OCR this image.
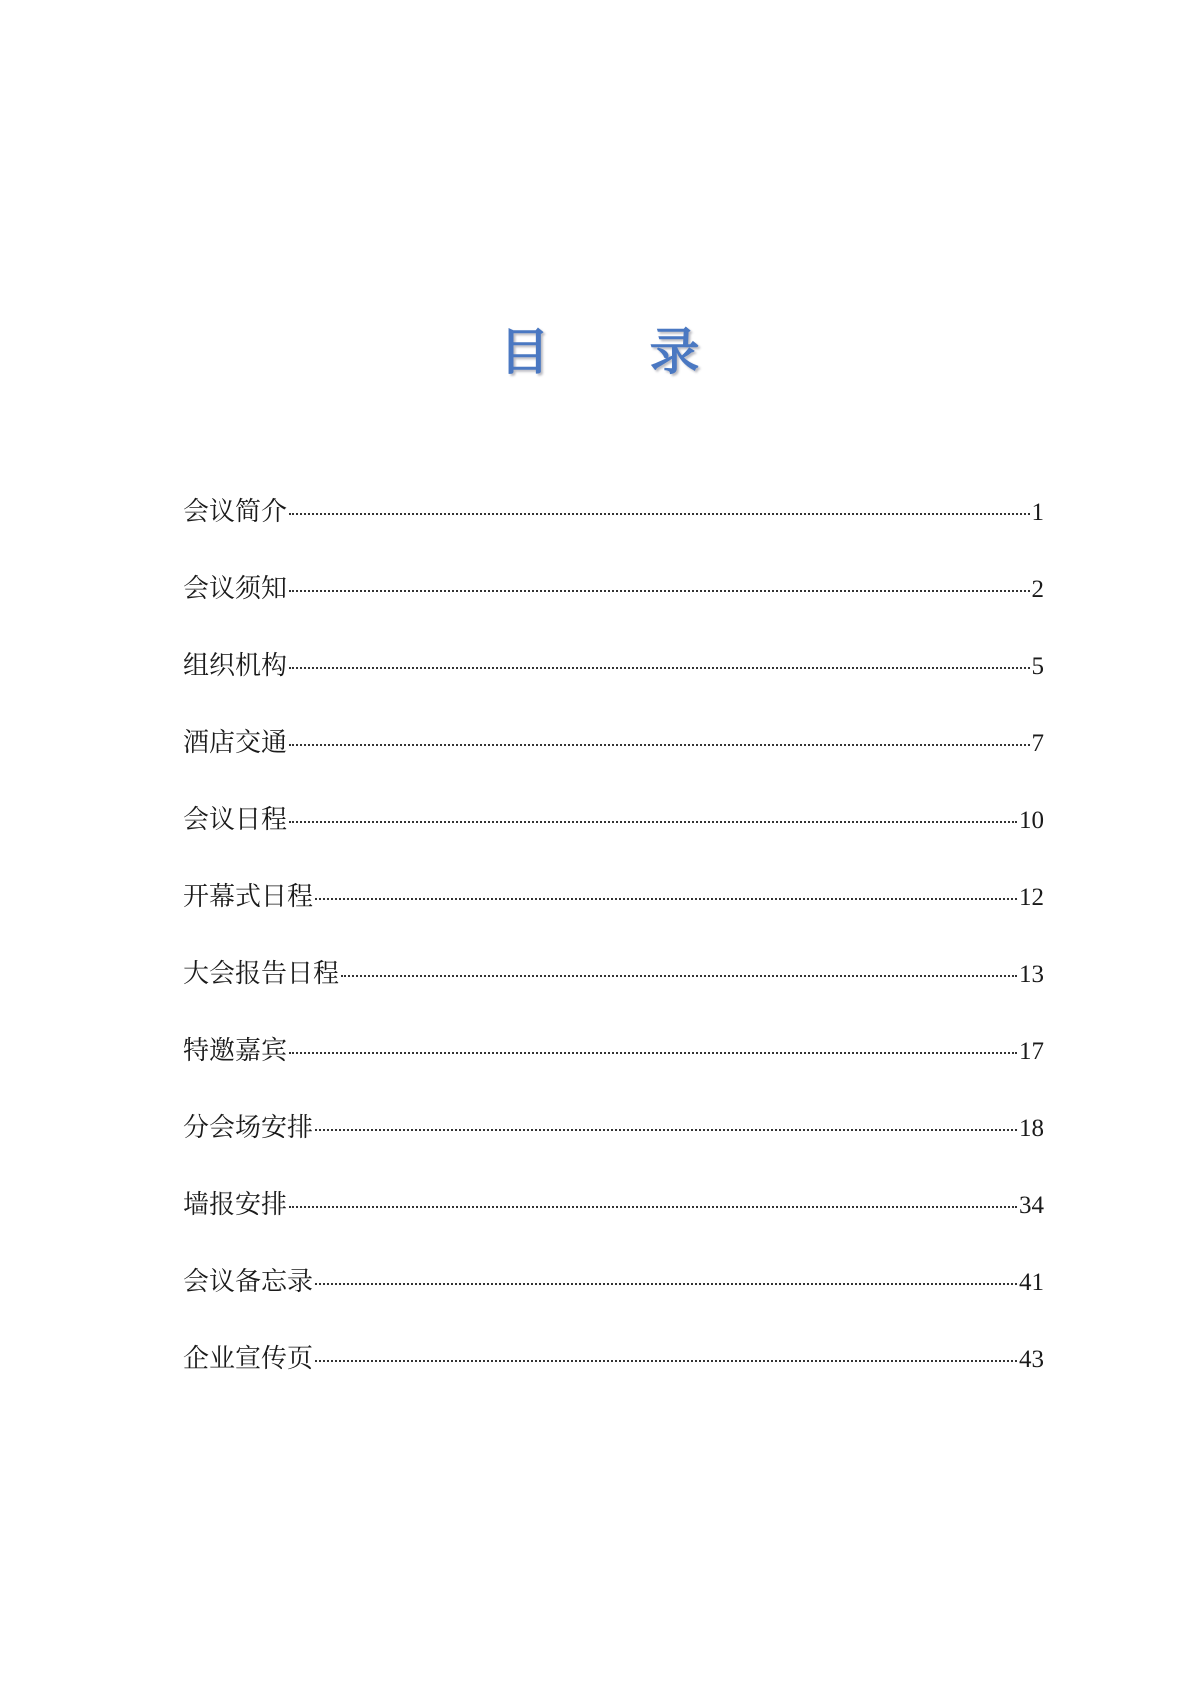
目 录
会议简介	1
会议须知	2
组织机构	5
酒店交通	7
会议日程	10
开幕式日程	12
大会报告日程	13
特邀嘉宾	17
分会场安排	18
墙报安排	34
会议备忘录	41
企业宣传页	43
